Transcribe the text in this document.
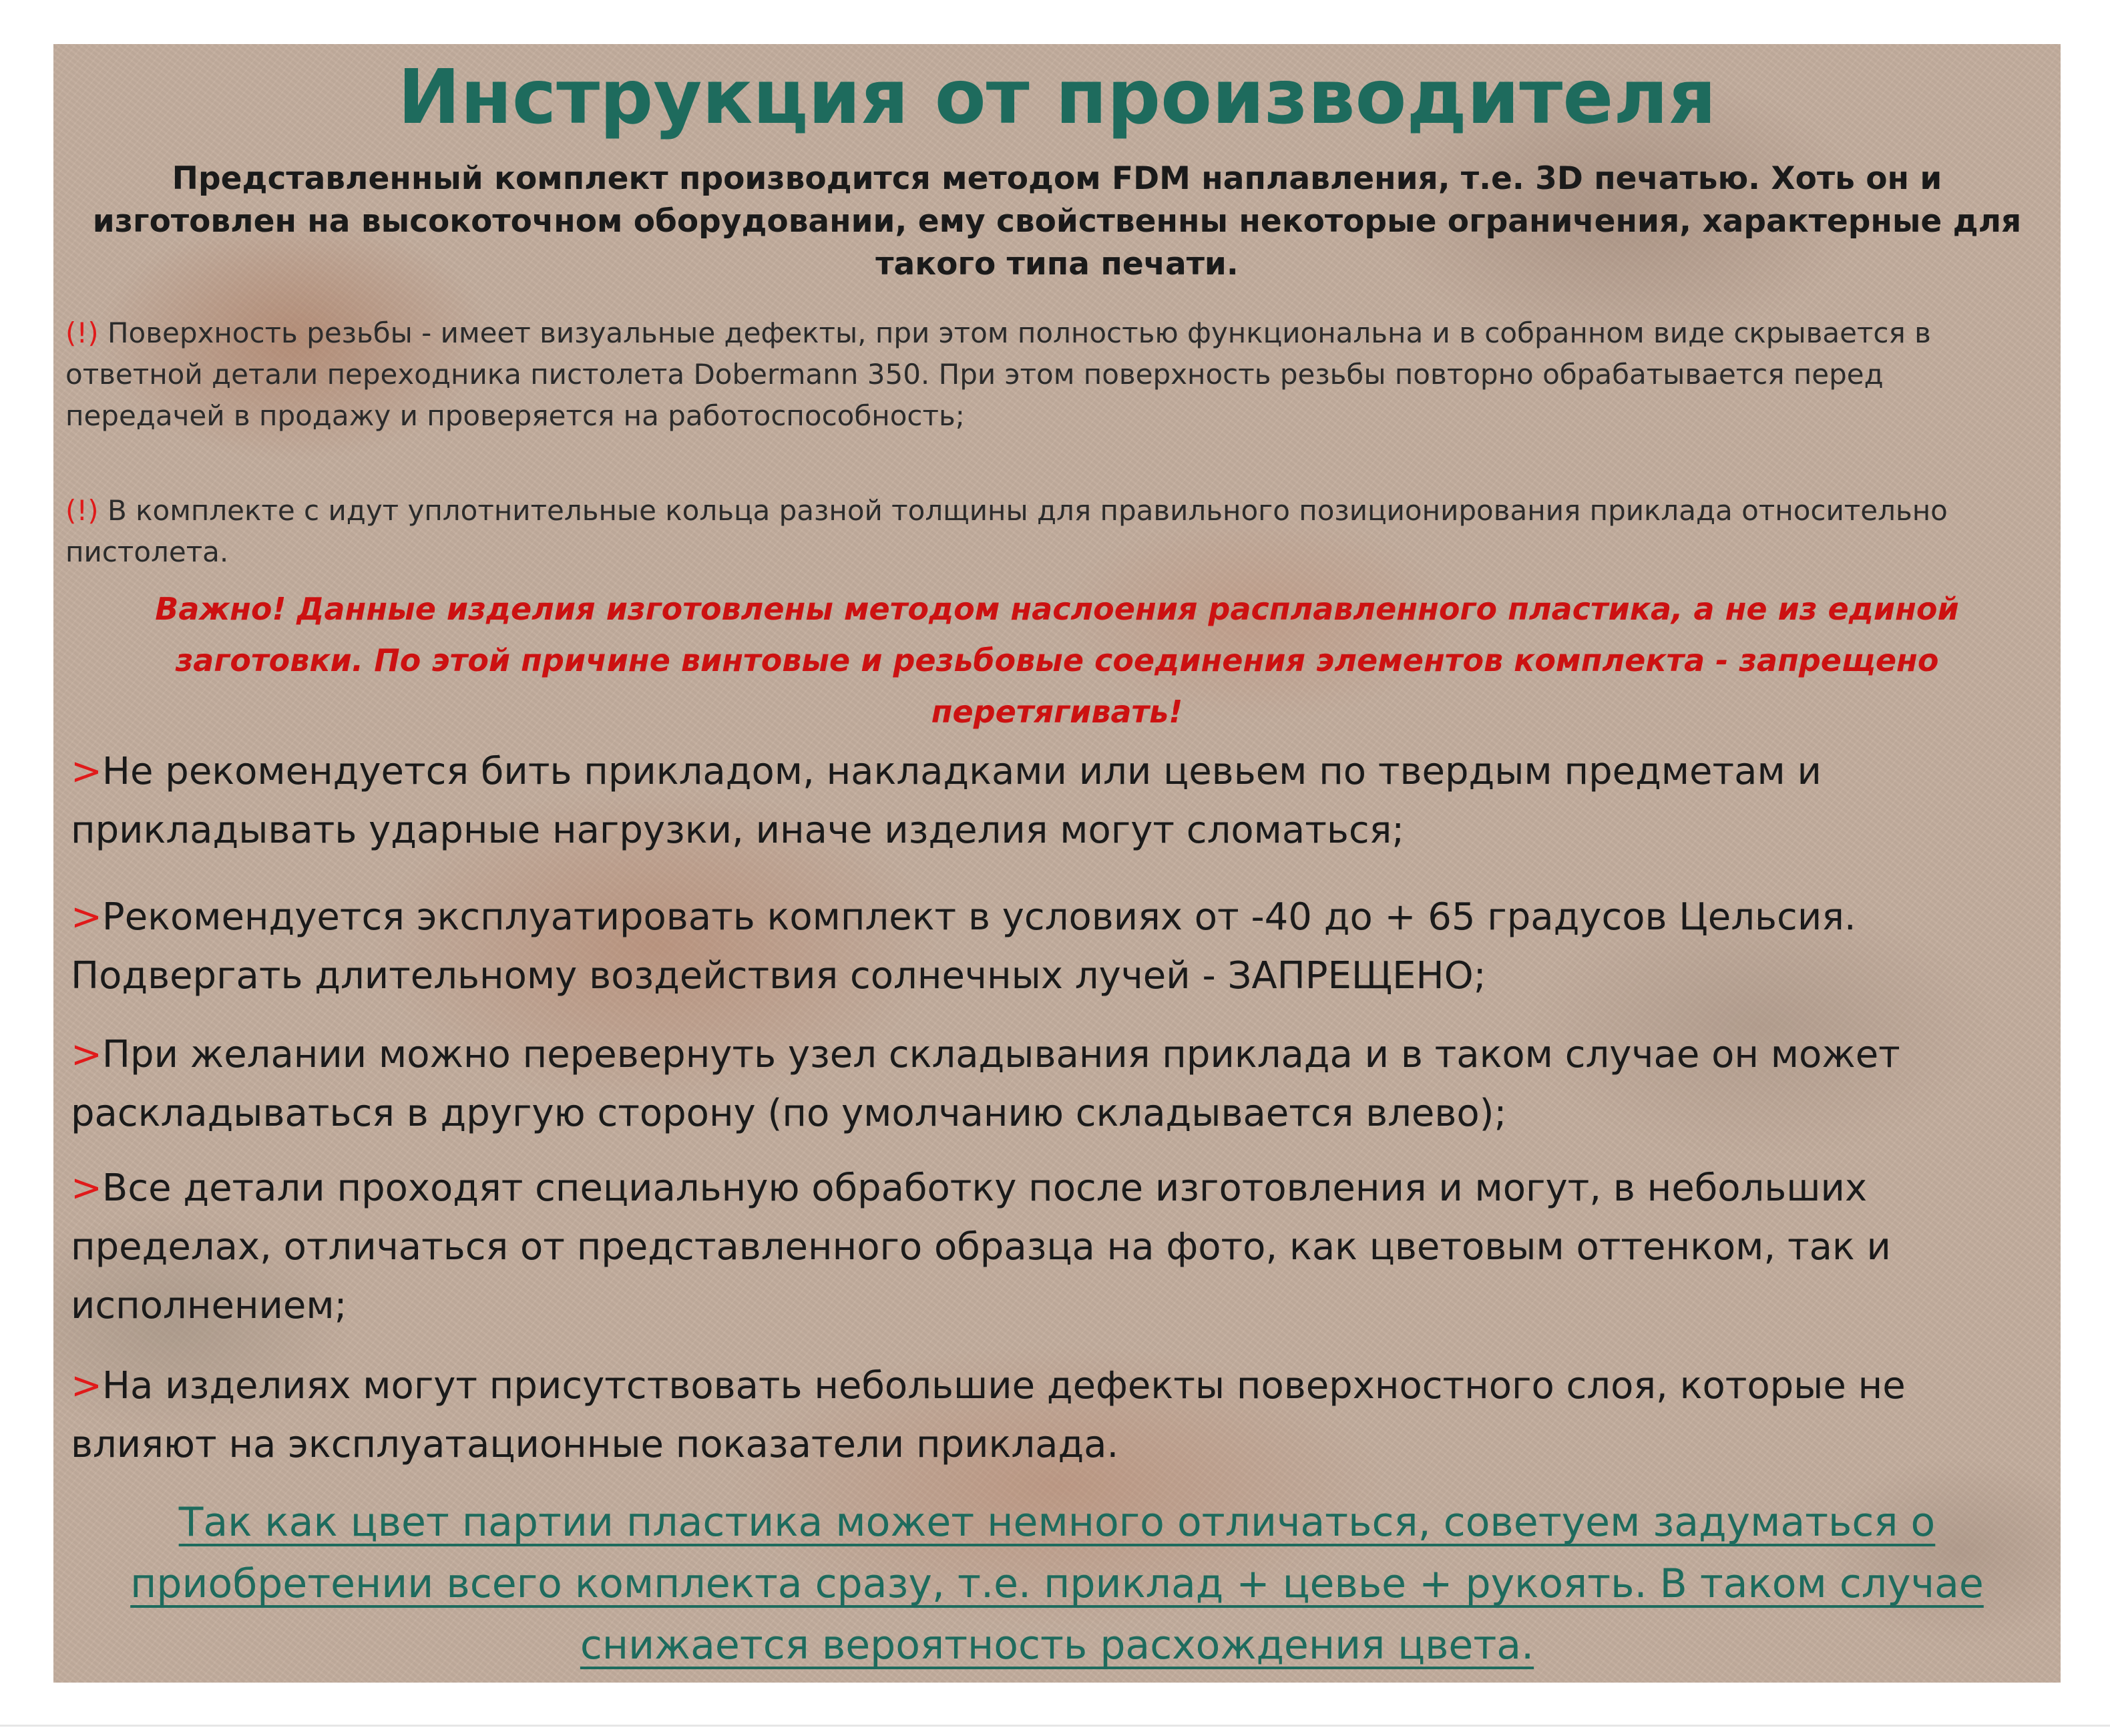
Инструкция от производителя

Представленный комплект производится методом FDM наплавления, т.е. 3D печатью. Хоть он и изготовлен на высокоточном оборудовании, ему свойственны некоторые ограничения, характерные для такого типа печати.

(!) Поверхность резьбы - имеет визуальные дефекты, при этом полностью функциональна и в собранном виде скрывается в ответной детали переходника пистолета Dobermann 350. При этом поверхность резьбы повторно обрабатывается перед передачей в продажу и проверяется на работоспособность;

(!) В комплекте с идут уплотнительные кольца разной толщины для правильного позиционирования приклада относительно пистолета.

Важно! Данные изделия изготовлены методом наслоения расплавленного пластика, а не из единой заготовки. По этой причине винтовые и резьбовые соединения элементов комплекта - запрещено перетягивать!

>Не рекомендуется бить прикладом, накладками или цевьем по твердым предметам и прикладывать ударные нагрузки, иначе изделия могут сломаться;

>Рекомендуется эксплуатировать комплект в условиях от -40 до + 65 градусов Цельсия. Подвергать длительному воздействия солнечных лучей - ЗАПРЕЩЕНО;

>При желании можно перевернуть узел складывания приклада и в таком случае он может раскладываться в другую сторону (по умолчанию складывается влево);

>Все детали проходят специальную обработку после изготовления и могут, в небольших пределах, отличаться от представленного образца на фото, как цветовым оттенком, так и исполнением;

>На изделиях могут присутствовать небольшие дефекты поверхностного слоя, которые не влияют на эксплуатационные показатели приклада.

Так как цвет партии пластика может немного отличаться, советуем задуматься о приобретении всего комплекта сразу, т.е. приклад + цевье + рукоять. В таком случае снижается вероятность расхождения цвета.
